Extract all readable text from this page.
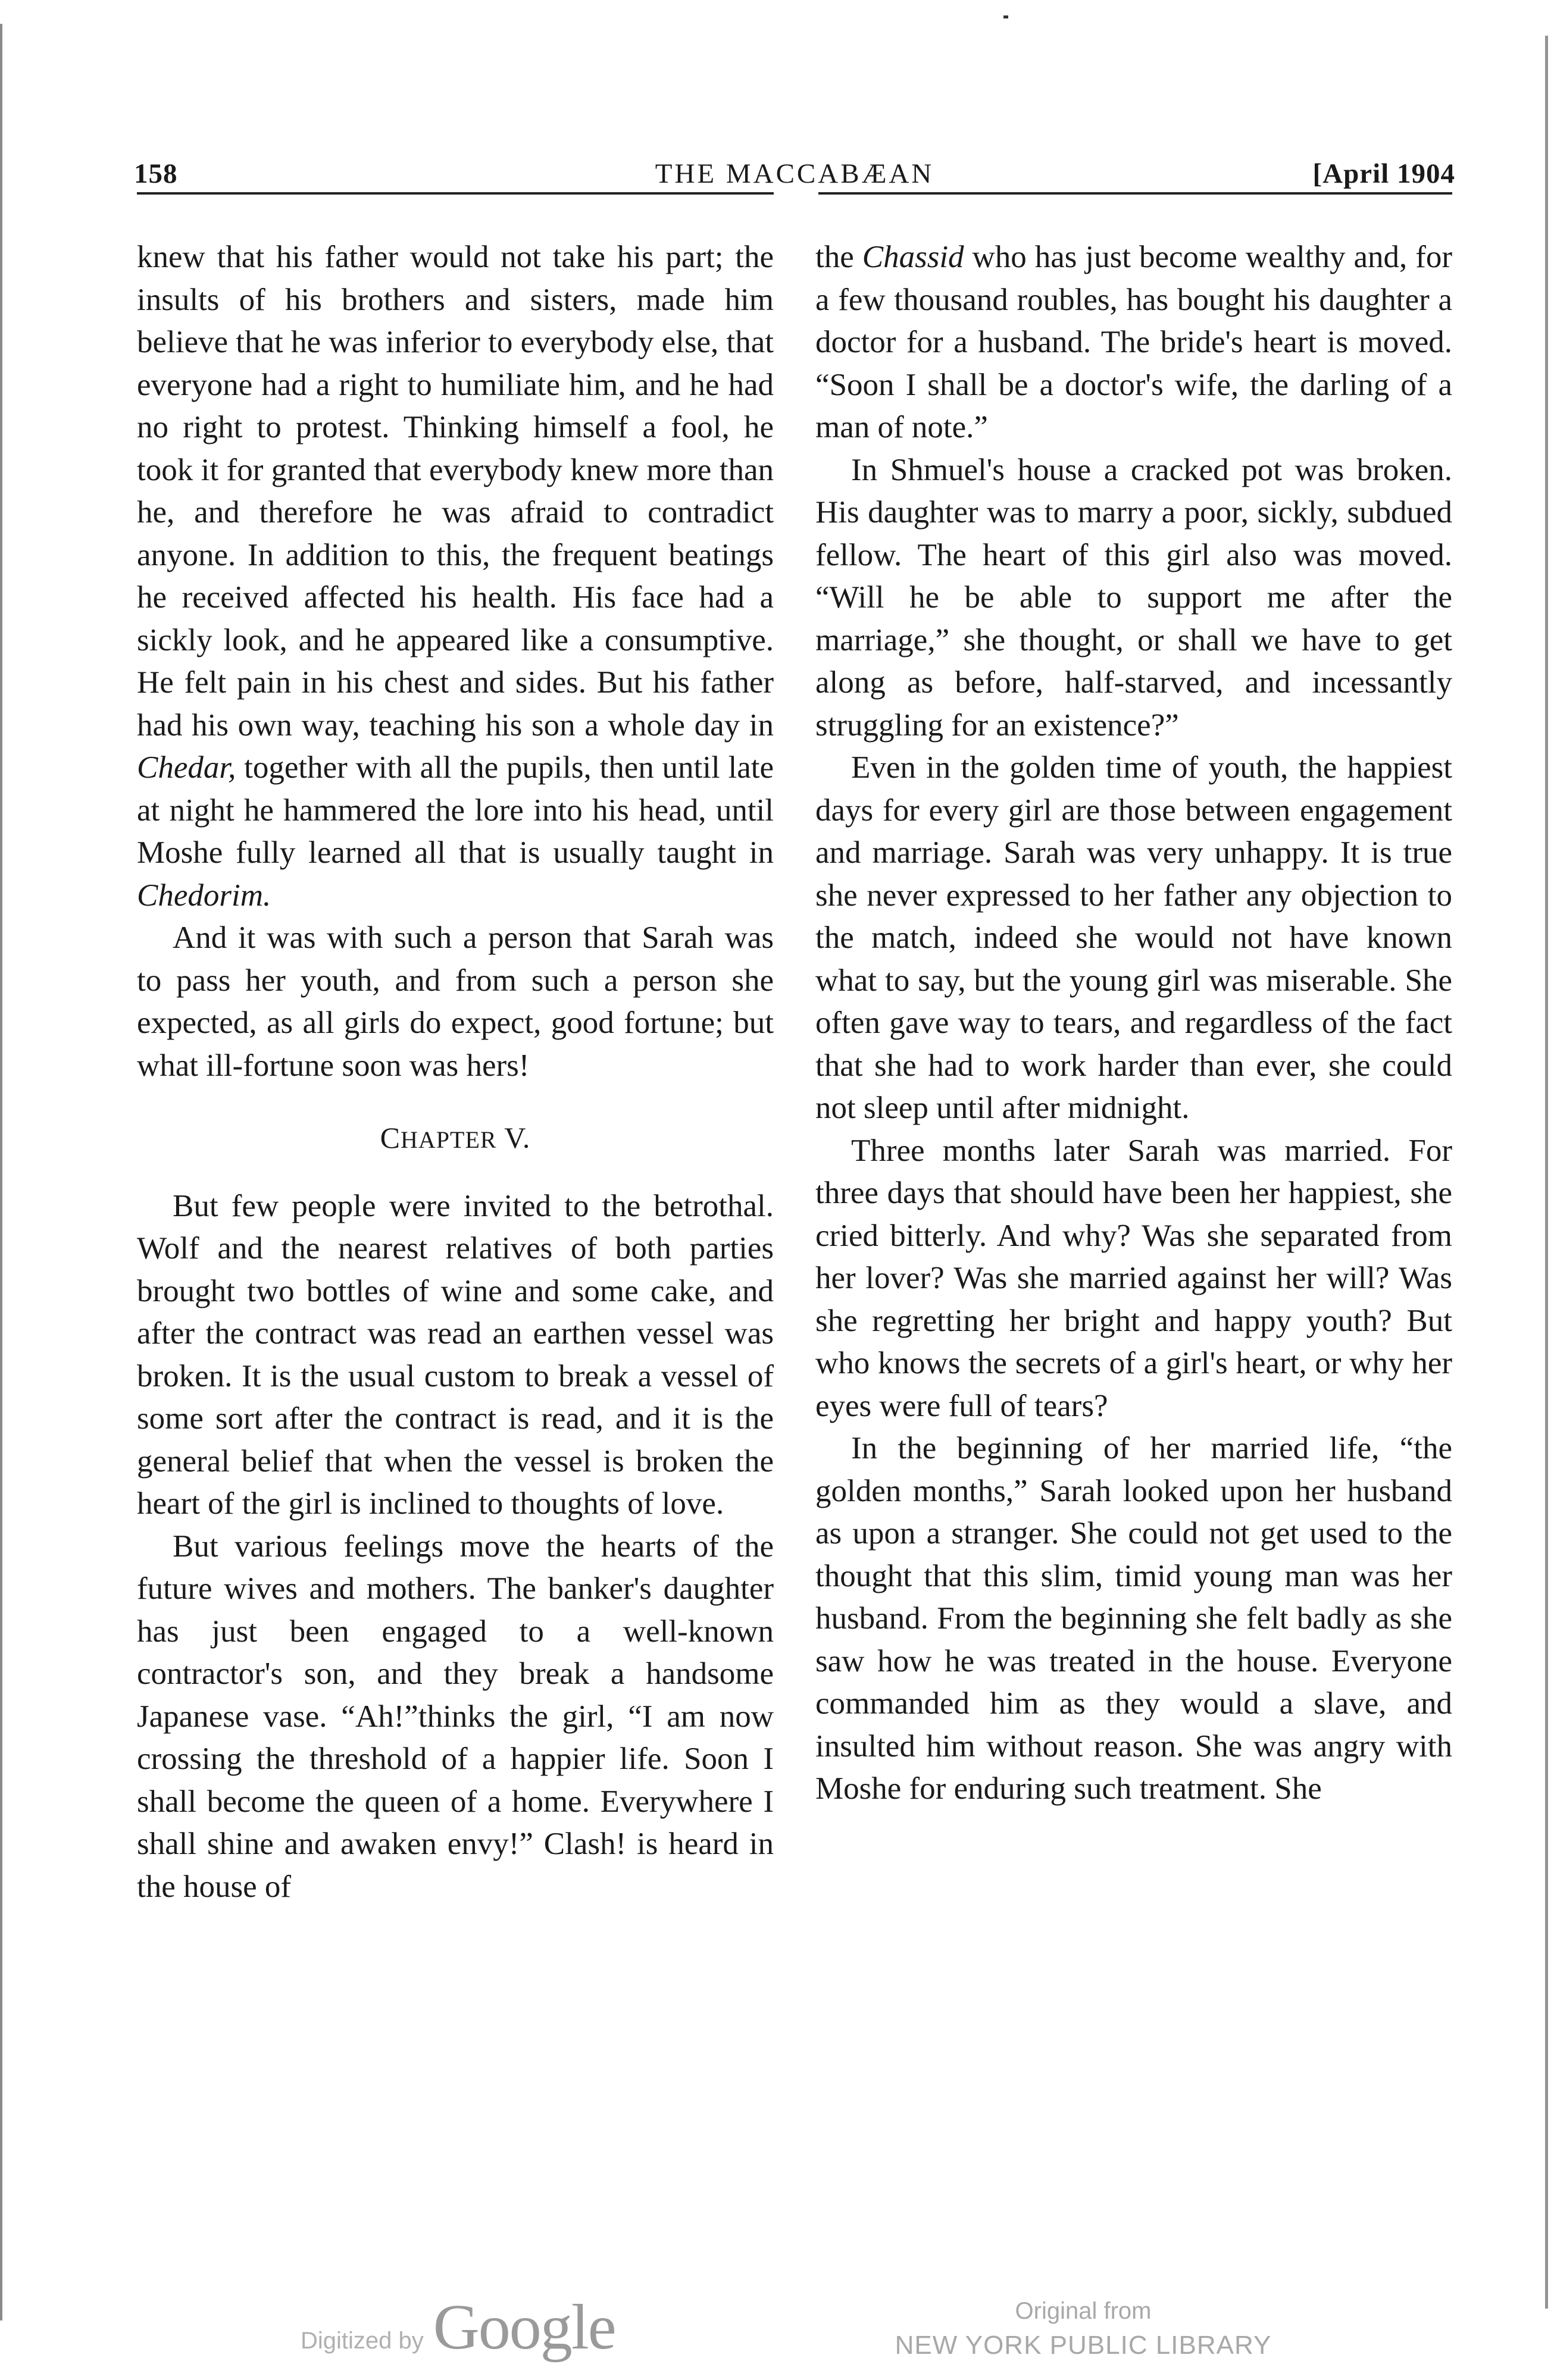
158	THE MACCABÆAN	[April 1904

knew that his father would not take his part; the insults of his brothers and sisters, made him believe that he was inferior to everybody else, that everyone had a right to humiliate him, and he had no right to protest. Thinking himself a fool, he took it for granted that everybody knew more than he, and therefore he was afraid to contradict anyone. In addition to this, the frequent beatings he received affected his health. His face had a sickly look, and he appeared like a consumptive. He felt pain in his chest and sides. But his father had his own way, teaching his son a whole day in Chedar, together with all the pupils, then until late at night he hammered the lore into his head, until Moshe fully learned all that is usually taught in Chedorim.

And it was with such a person that Sarah was to pass her youth, and from such a person she expected, as all girls do expect, good fortune; but what ill-fortune soon was hers!

CHAPTER V.

But few people were invited to the betrothal. Wolf and the nearest relatives of both parties brought two bottles of wine and some cake, and after the contract was read an earthen vessel was broken. It is the usual custom to break a vessel of some sort after the contract is read, and it is the general belief that when the vessel is broken the heart of the girl is inclined to thoughts of love.

But various feelings move the hearts of the future wives and mothers. The banker's daughter has just been engaged to a well-known contractor's son, and they break a handsome Japanese vase. “Ah!”thinks the girl, “I am now crossing the threshold of a happier life. Soon I shall become the queen of a home. Everywhere I shall shine and awaken envy!” Clash! is heard in the house of

the Chassid who has just become wealthy and, for a few thousand roubles, has bought his daughter a doctor for a husband. The bride's heart is moved. “Soon I shall be a doctor's wife, the darling of a man of note.”

In Shmuel's house a cracked pot was broken. His daughter was to marry a poor, sickly, subdued fellow. The heart of this girl also was moved. “Will he be able to support me after the marriage,” she thought, or shall we have to get along as before, half-starved, and incessantly struggling for an existence?”

Even in the golden time of youth, the happiest days for every girl are those between engagement and marriage. Sarah was very unhappy. It is true she never expressed to her father any objection to the match, indeed she would not have known what to say, but the young girl was miserable. She often gave way to tears, and regardless of the fact that she had to work harder than ever, she could not sleep until after midnight.

Three months later Sarah was married. For three days that should have been her happiest, she cried bitterly. And why? Was she separated from her lover? Was she married against her will? Was she regretting her bright and happy youth? But who knows the secrets of a girl's heart, or why her eyes were full of tears?

In the beginning of her married life, “the golden months,” Sarah looked upon her husband as upon a stranger. She could not get used to the thought that this slim, timid young man was her husband. From the beginning she felt badly as she saw how he was treated in the house. Everyone commanded him as they would a slave, and insulted him without reason. She was angry with Moshe for enduring such treatment. She

Digitized by Google	Original from
NEW YORK PUBLIC LIBRARY
